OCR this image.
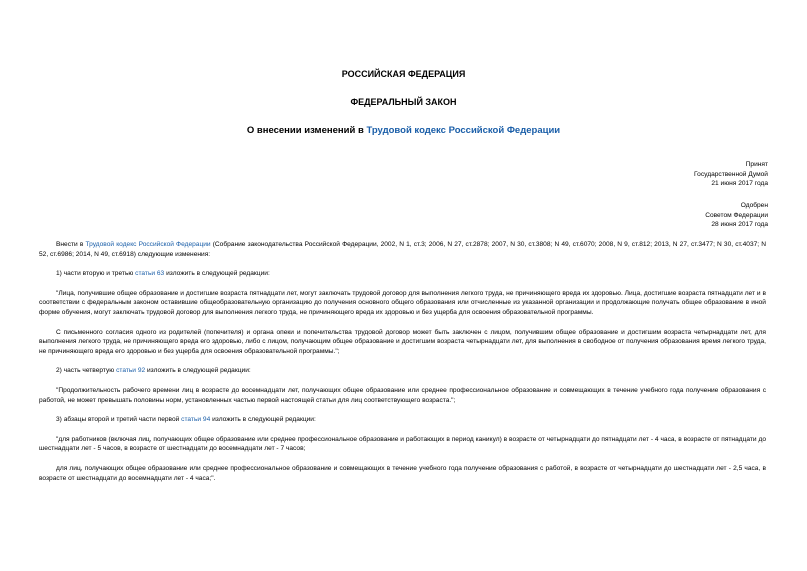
РОССИЙСКАЯ ФЕДЕРАЦИЯ
ФЕДЕРАЛЬНЫЙ ЗАКОН
О внесении изменений в Трудовой кодекс Российской Федерации
Принят
Государственной Думой
21 июня 2017 года
Одобрен
Советом Федерации
28 июня 2017 года

Внести в Трудовой кодекс Российской Федерации (Собрание законодательства Российской Федерации, 2002, N 1, ст.3; 2006, N 27, ст.2878; 2007, N 30, ст.3808; N 49, ст.6070; 2008, N 9, ст.812; 2013, N 27, ст.3477; N 30, ст.4037; N 52, ст.6986; 2014, N 49, ст.6918) следующие изменения:

1) части вторую и третью статьи 63 изложить в следующей редакции:

"Лица, получившие общее образование и достигшие возраста пятнадцати лет, могут заключать трудовой договор для выполнения легкого труда, не причиняющего вреда их здоровью. Лица, достигшие возраста пятнадцати лет и в соответствии с федеральным законом оставившие общеобразовательную организацию до получения основного общего образования или отчисленные из указанной организации и продолжающие получать общее образование в иной форме обучения, могут заключать трудовой договор для выполнения легкого труда, не причиняющего вреда их здоровью и без ущерба для освоения образовательной программы.

С письменного согласия одного из родителей (попечителя) и органа опеки и попечительства трудовой договор может быть заключен с лицом, получившим общее образование и достигшим возраста четырнадцати лет, для выполнения легкого труда, не причиняющего вреда его здоровью, либо с лицом, получающим общее образование и достигшим возраста четырнадцати лет, для выполнения в свободное от получения образования время легкого труда, не причиняющего вреда его здоровью и без ущерба для освоения образовательной программы.";

2) часть четвертую статьи 92 изложить в следующей редакции:

"Продолжительность рабочего времени лиц в возрасте до восемнадцати лет, получающих общее образование или среднее профессиональное образование и совмещающих в течение учебного года получение образования с работой, не может превышать половины норм, установленных частью первой настоящей статьи для лиц соответствующего возраста.";

3) абзацы второй и третий части первой статьи 94 изложить в следующей редакции:

"для работников (включая лиц, получающих общее образование или среднее профессиональное образование и работающих в период каникул) в возрасте от четырнадцати до пятнадцати лет - 4 часа, в возрасте от пятнадцати до шестнадцати лет - 5 часов, в возрасте от шестнадцати до восемнадцати лет - 7 часов;

для лиц, получающих общее образование или среднее профессиональное образование и совмещающих в течение учебного года получение образования с работой, в возрасте от четырнадцати до шестнадцати лет - 2,5 часа, в возрасте от шестнадцати до восемнадцати лет - 4 часа;".
